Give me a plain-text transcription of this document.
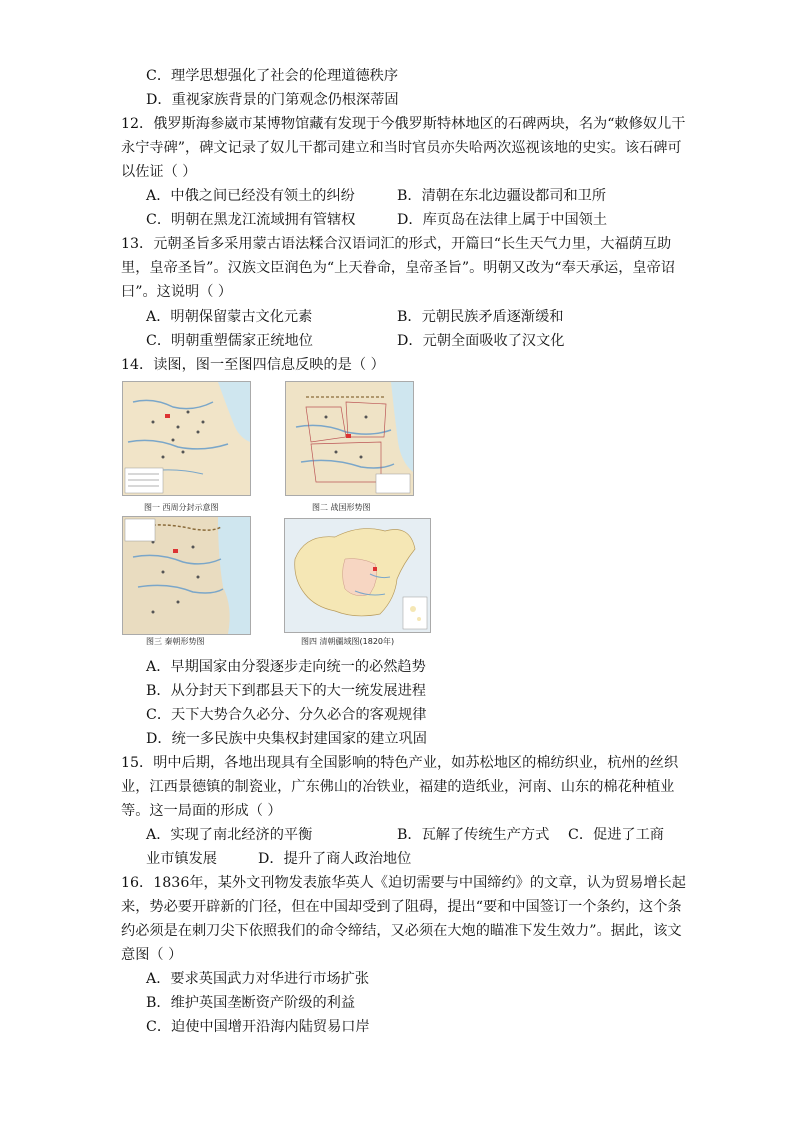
C．理学思想强化了社会的伦理道德秩序
D．重视家族背景的门第观念仍根深蒂固
12．俄罗斯海参崴市某博物馆藏有发现于今俄罗斯特林地区的石碑两块，名为“敕修奴儿干
永宁寺碑”，碑文记录了奴儿干都司建立和当时官员亦失哈两次巡视该地的史实。该石碑可
以佐证（ ）
A．中俄之间已经没有领土的纠纷	B．清朝在东北边疆设都司和卫所
C．明朝在黑龙江流域拥有管辖权	D．库页岛在法律上属于中国领土
13．元朝圣旨多采用蒙古语法糅合汉语词汇的形式，开篇曰“长生天气力里，大福荫互助
里，皇帝圣旨”。汉族文臣润色为“上天眷命，皇帝圣旨”。明朝又改为“奉天承运，皇帝诏
曰”。这说明（ ）
A．明朝保留蒙古文化元素	B．元朝民族矛盾逐渐缓和
C．明朝重塑儒家正统地位	D．元朝全面吸收了汉文化
14．读图，图一至图四信息反映的是（ ）
图一 西周分封示意图	图二 战国形势图
图三 秦朝形势图	图四 清朝疆域图(1820年)
A．早期国家由分裂逐步走向统一的必然趋势
B．从分封天下到郡县天下的大一统发展进程
C．天下大势合久必分、分久必合的客观规律
D．统一多民族中央集权封建国家的建立巩固
15．明中后期，各地出现具有全国影响的特色产业，如苏松地区的棉纺织业，杭州的丝织
业，江西景德镇的制瓷业，广东佛山的冶铁业，福建的造纸业，河南、山东的棉花种植业
等。这一局面的形成（ ）
A．实现了南北经济的平衡	B．瓦解了传统生产方式 C．促进了工商
业市镇发展	D．提升了商人政治地位
16．1836年，某外文刊物发表旅华英人《迫切需要与中国缔约》的文章，认为贸易增长起
来，势必要开辟新的门径，但在中国却受到了阻碍，提出“要和中国签订一个条约，这个条
约必须是在刺刀尖下依照我们的命令缔结，又必须在大炮的瞄准下发生效力”。据此，该文
意图（ ）
A．要求英国武力对华进行市场扩张
B．维护英国垄断资产阶级的利益
C．迫使中国增开沿海内陆贸易口岸
